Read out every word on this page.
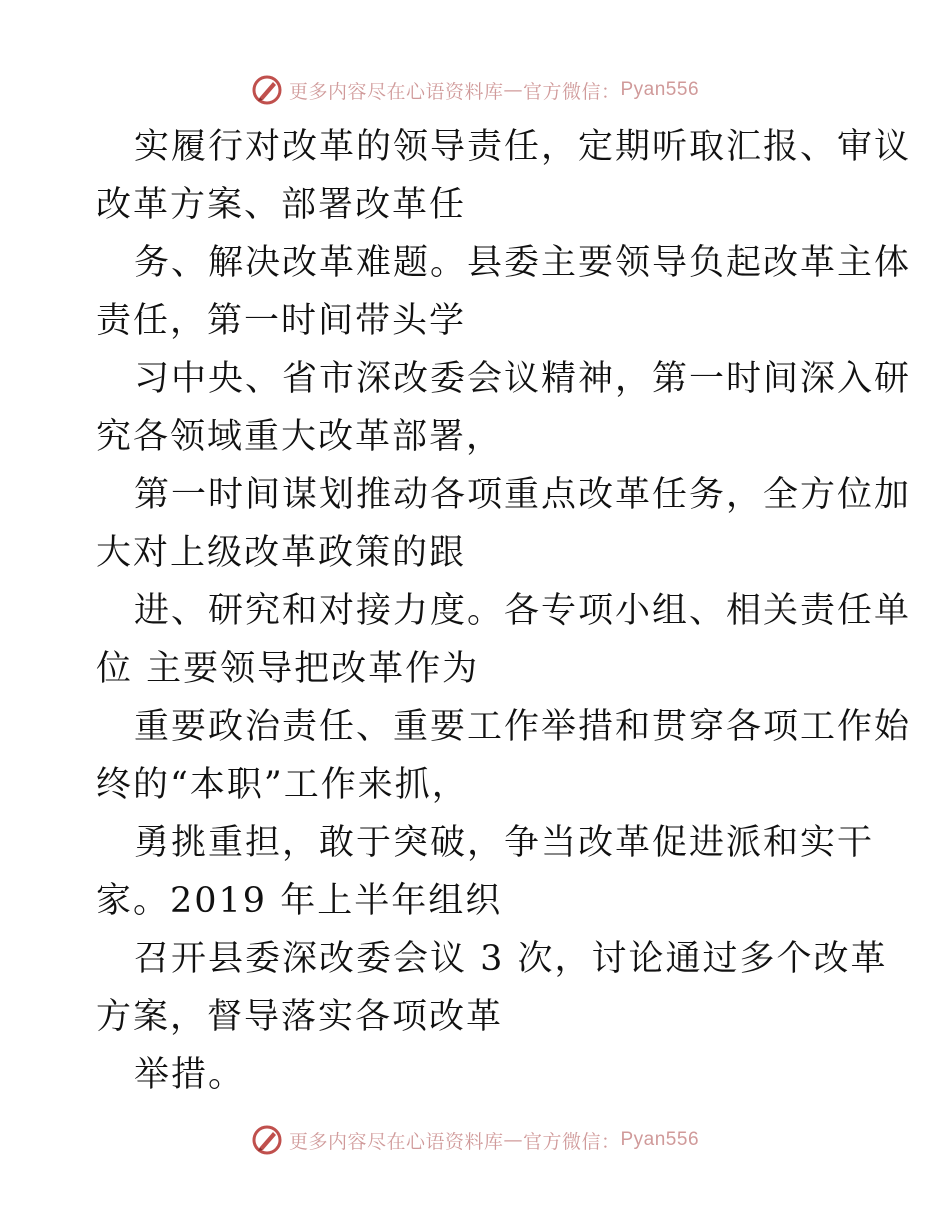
更多内容尽在心语资料库 — 官方微信： Pyan556
实履行对改革的领导责任，定期听取汇报、审议
改革方案、部署改革任
务、解决改革难题。县委主要领导负起改革主体
责任，第一时间带头学
习中央、省市深改委会议精神，第一时间深入研
究各领域重大改革部署，
第一时间谋划推动各项重点改革任务，全方位加
大对上级改革政策的跟
进、研究和对接力度。各专项小组、相关责任单
位 主要领导把改革作为
重要政治责任、重要工作举措和贯穿各项工作始
终的“本职”工作来抓，
勇挑重担，敢于突破，争当改革促进派和实干
家。2019 年上半年组织
召开县委深改委会议 3 次，讨论通过多个改革
方案，督导落实各项改革
举措。
更多内容尽在心语资料库 — 官方微信： Pyan556
